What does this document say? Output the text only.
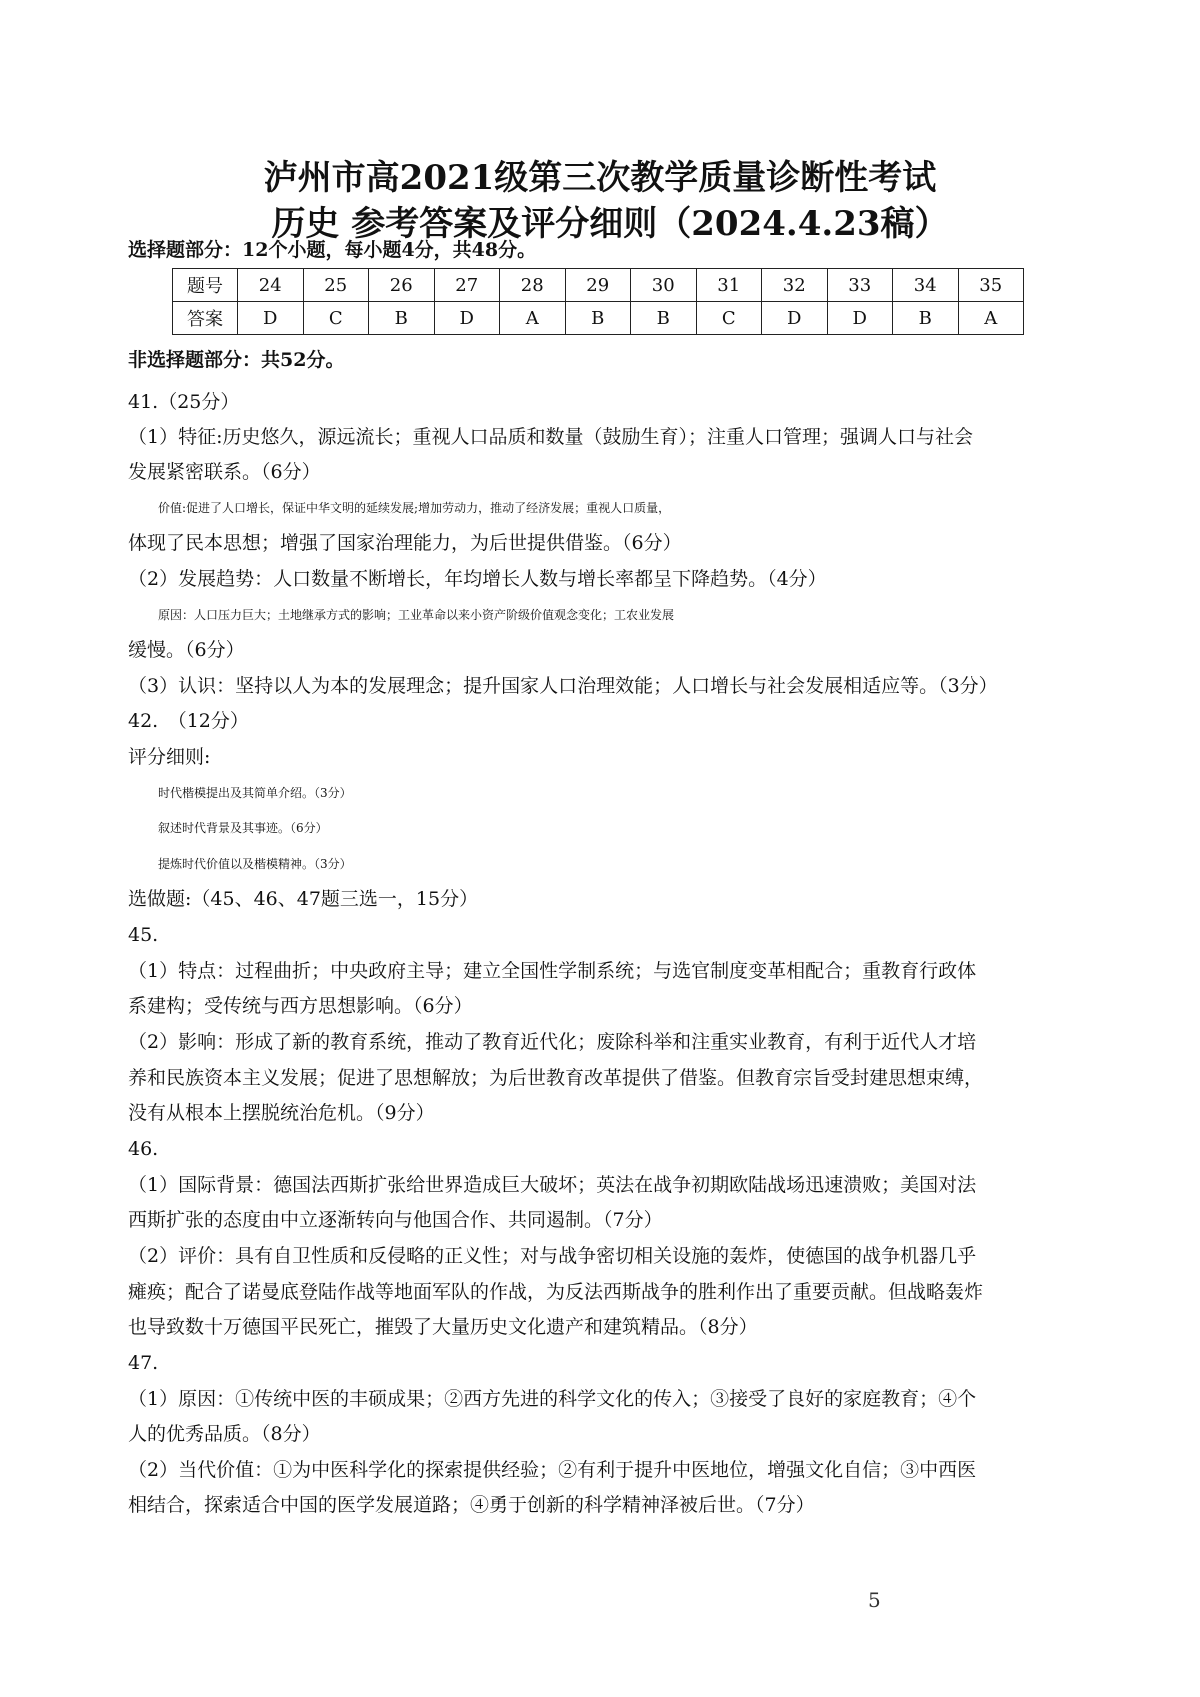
泸州市高2021级第三次教学质量诊断性考试
历史 参考答案及评分细则（2024.4.23稿）
选择题部分：12个小题，每小题4分，共48分。
题号	24	25	26	27	28	29	30	31	32	33	34	35
答案	D	C	B	D	A	B	B	C	D	D	B	A
非选择题部分：共52分。
41.（25分）
（1）特征:历史悠久，源远流长；重视人口品质和数量（鼓励生育）；注重人口管理；强调人口与社会
发展紧密联系。（6分）
价值:促进了人口增长，保证中华文明的延续发展;增加劳动力，推动了经济发展；重视人口质量，
体现了民本思想；增强了国家治理能力，为后世提供借鉴。（6分）
（2）发展趋势：人口数量不断增长，年均增长人数与增长率都呈下降趋势。（4分）
原因：人口压力巨大；土地继承方式的影响；工业革命以来小资产阶级价值观念变化；工农业发展
缓慢。（6分）
（3）认识：坚持以人为本的发展理念；提升国家人口治理效能；人口增长与社会发展相适应等。（3分）
42.　（12分）
评分细则:
时代楷模提出及其简单介绍。（3分）
叙述时代背景及其事迹。（6分）
提炼时代价值以及楷模精神。（3分）
选做题:（45、46、47题三选一，15分）
45.
（1）特点：过程曲折；中央政府主导；建立全国性学制系统；与选官制度变革相配合；重教育行政体
系建构；受传统与西方思想影响。（6分）
（2）影响：形成了新的教育系统，推动了教育近代化；废除科举和注重实业教育，有利于近代人才培
养和民族资本主义发展；促进了思想解放；为后世教育改革提供了借鉴。但教育宗旨受封建思想束缚，
没有从根本上摆脱统治危机。（9分）
46.
（1）国际背景：德国法西斯扩张给世界造成巨大破坏；英法在战争初期欧陆战场迅速溃败；美国对法
西斯扩张的态度由中立逐渐转向与他国合作、共同遏制。（7分）
（2）评价：具有自卫性质和反侵略的正义性；对与战争密切相关设施的轰炸，使德国的战争机器几乎
瘫痪；配合了诺曼底登陆作战等地面军队的作战，为反法西斯战争的胜利作出了重要贡献。但战略轰炸
也导致数十万德国平民死亡，摧毁了大量历史文化遗产和建筑精品。（8分）
47.
（1）原因：①传统中医的丰硕成果；②西方先进的科学文化的传入；③接受了良好的家庭教育；④个
人的优秀品质。（8分）
（2）当代价值：①为中医科学化的探索提供经验；②有利于提升中医地位，增强文化自信；③中西医
相结合，探索适合中国的医学发展道路；④勇于创新的科学精神泽被后世。（7分）
5
